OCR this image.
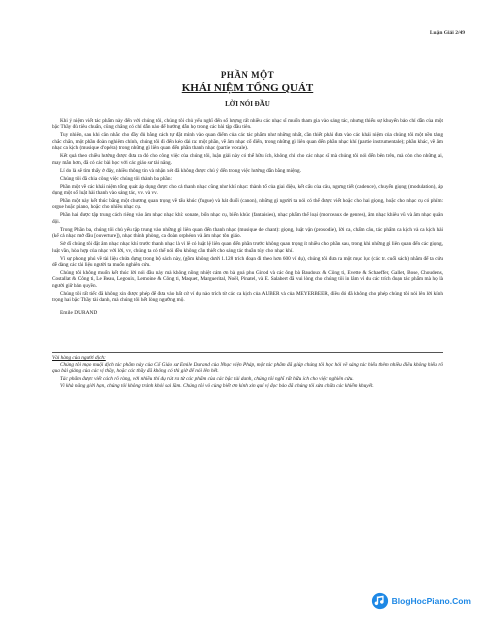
Luận Giải 2/49
PHẦN MỘT
KHÁI NIỆM TỔNG QUÁT
LỜI NÓI ĐẦU

Khi ý niệm viết tác phẩm này đến với chúng tôi, chúng tôi chủ yếu nghĩ đến số lượng rất nhiều các nhạc sĩ muốn tham gia vào sáng tác, nhưng thiếu sự khuyến bảo chỉ dẫn của một bậc Thầy đủ tiêu chuẩn, cũng chẳng có chỉ dẫn nào để hướng dẫn họ trong các bài tập đầu tiên.

Tuy nhiên, sau khi cân nhắc cho đầy đủ bằng cách tự đặt mình vào quan điểm của các tác phẩm như những nhất, cần thiết phải đưa vào các khái niệm của chúng tôi một nền tảng chắc chắn, một phần đoàn nghiêm chỉnh, chúng tôi đi đến kéo dài ra: một phần, về âm nhạc cổ điển, trong những gì liên quan đến phần nhạc khí (partie instrumentale); phần khác, về âm nhạc ca kịch (musique d'opéra) trong những gì liên quan đến phần thanh nhạc (partie vocale).

Kết quả theo chiều hướng được đưa ra đó cho công việc của chúng tôi, luận giải này có thể hữu ích, không chỉ cho các nhạc sĩ mà chúng tôi nói đến bên trên, mà còn cho những ai, may mắn hơn, đã có các bài học với các giáo sư tài năng.

Lí do là sẽ tìm thấy ở đây, nhiều thông tin và nhận xét đã không được chú ý đến trong việc hướng dẫn bằng miệng.

Chúng tôi đã chia công việc chúng tôi thành ba phần:

Phần một về các khái niệm tổng quát áp dụng được cho cả thanh nhạc cũng như khí nhạc: thành tố của giai điệu, kết cấu của câu, ngưng tiết (cadence), chuyển giọng (modulation), áp dụng một số luật hài thanh vào sáng tác, vv. và vv.

Phần một này kết thúc bằng một chương quan trọng về tẩu khúc (fugue) và hát đuổi (canon), những gì người ta nói có thể được viết hoặc cho hai giọng, hoặc cho nhạc cụ có phím: orgue hoặc piano, hoặc cho nhiều nhạc cụ.

Phần hai được tập trung cách riêng vào âm nhạc nhạc khí: sonate, bốn nhạc cụ, biến khúc (fantaisies), nhạc phẩm thể loại (morceaux de genres), âm nhạc khiêu vũ và âm nhạc quân đội.

Trong Phần ba, chúng tôi chủ yếu tập trung vào những gì liên quan đến thanh nhạc (musique de chant): giọng, luật vận (prosodie), lời ca, chấm câu, tác phẩm ca kịch và ca kịch hài (kể cả nhạc mở đầu [ouverture]), nhạc thính phòng, ca đoàn orphéon và âm nhạc tôn giáo.

Sở dĩ chúng tôi đặt âm nhạc nhạc khí trước thanh nhạc là vì lẽ có luật lệ liên quan đến phần trước không quan trọng ít nhiều cho phần sau, trong khi những gì liên quan đến các giọng, luật vần, hòa hợp của nhạc với lời, vv, chúng ta có thể nói đều không cần thiết cho sáng tác thuần túy cho nhạc khí.

Vì sự phong phú về tài liệu chứa đựng trong bộ sách này, (gồm không dưới 1.128 trích đoạn đi theo hơn 600 ví dụ), chúng tôi đưa ra một mục lục (các tr. cuối sách) nhằm để ta cứu dễ dàng các tài liệu người ta muốn nghiên cứu.

Chúng tôi không muốn kết thúc lời nói đầu này mà không nồng nhiệt cám ơn bà goá phu Girod và các ông bà Baudoux & Công ti, Evette & Schaeffer, Gallet, Bose, Choudens, Costallat & Công ti, Le Beau, Legouix, Lemoine & Công ti, Maquet, Marguerital, Noël, Pinatel, và E. Salabert đã vui lòng cho chúng tôi in lâm vì du các trích đoạn tác phẩm mà họ là người giữ bản quyền.

Chúng tôi rất tiếc đã không xin được phép để đưa vào bất cứ ví dụ nào trích từ các ca kịch của AUBER và của MEYERBEER, điều đó đã không cho phép chúng tôi nói lên lời kính trọng hai bậc Thầy tài danh, mà chúng tôi hết lòng ngưỡng mộ.

Emile DURAND

Vài hàng của người dịch:

Chúng tôi mạo muội dịch tác phẩm này của Cố Giáo sư Emile Durand của Nhạc viện Pháp, một tác phẩm đã giúp chúng tôi học hỏi về sáng tác hiểu thêm nhiều điều không hiểu rõ qua bài giảng của các vị thầy, hoặc các thầy đã không có thì giờ để nói lên hết.

Tác phẩm được viết cách rõ ràng, với nhiều thí dụ rút ra từ các phẩm của các bậc tài danh, chúng tôi nghĩ rất hữu ích cho việc nghiên cứu.

Vì khả năng giới hạn, chúng tôi không tránh khỏi sai lầm. Chúng tôi vô cùng biết ơn kính xin quí vị đọc bảo đã chúng tôi sửa chữa các khiếm khuyết.

BlogHocPiano.Com
